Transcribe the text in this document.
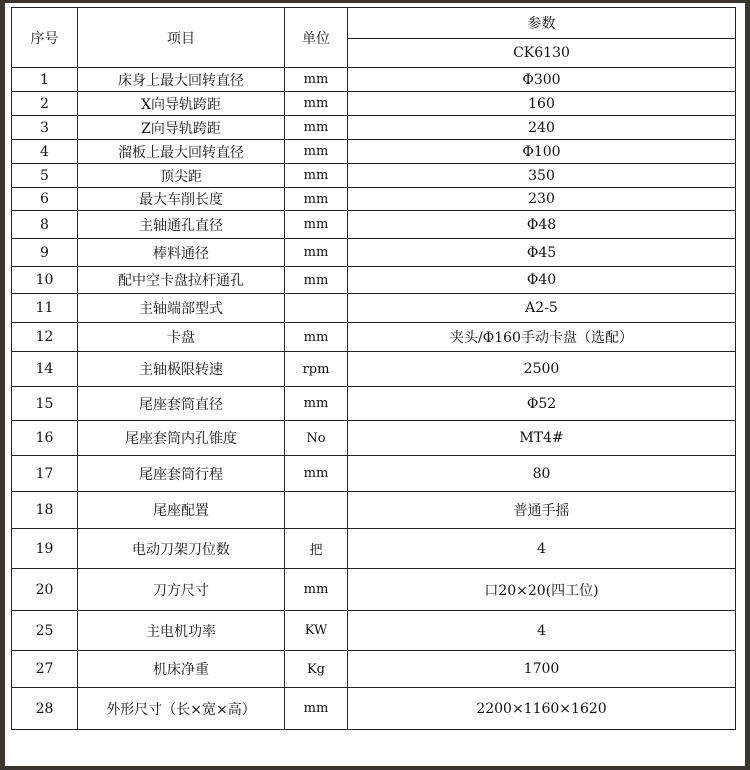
序号	项目	单位	参数
			CK6130
1	床身上最大回转直径	mm	Φ300
2	X向导轨跨距	mm	160
3	Z向导轨跨距	mm	240
4	溜板上最大回转直径	mm	Φ100
5	顶尖距	mm	350
6	最大车削长度	mm	230
8	主轴通孔直径	mm	Φ48
9	棒料通径	mm	Φ45
10	配中空卡盘拉杆通孔	mm	Φ40
11	主轴端部型式		A2-5
12	卡盘	mm	夹头/Φ160手动卡盘（选配）
14	主轴极限转速	rpm	2500
15	尾座套筒直径	mm	Φ52
16	尾座套筒内孔锥度	No	MT4#
17	尾座套筒行程	mm	80
18	尾座配置		普通手摇
19	电动刀架刀位数	把	4
20	刀方尺寸	mm	口20×20(四工位)
25	主电机功率	KW	4
27	机床净重	Kg	1700
28	外形尺寸（长×宽×高）	mm	2200×1160×1620
